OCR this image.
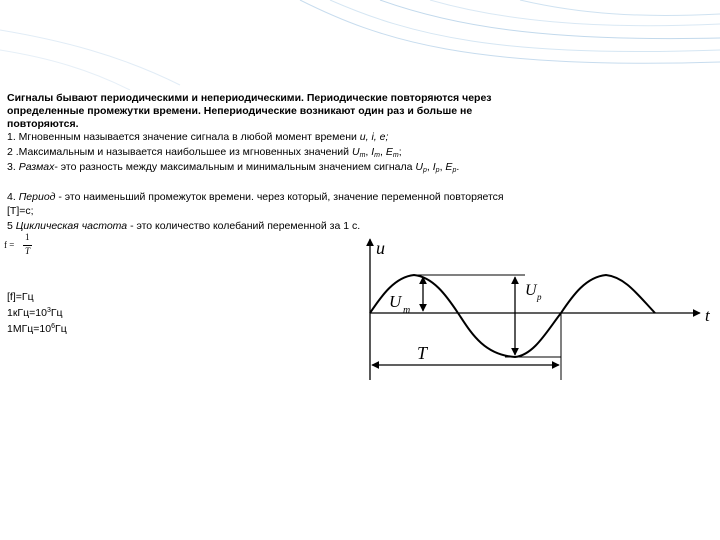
Сигналы бывают периодическими и непериодическими. Периодические повторяются через

определенные промежутки времени. Непериодические возникают один раз и больше не

повторяются.

1. Мгновенным называется значение сигнала в любой момент времени u, i, e;

2 .Максимальным и называется наибольшее из мгновенных значений $U_m$, $I_m$, $E_m$;

3. Размах- это разность между максимальным и минимальным значением сигнала $U_p$, $I_p$, $E_p$.

4. Период - это наименьший промежуток времени. через который, значение переменной повторяется

[T]=c;

5 Циклическая частота - это количество колебаний переменной за 1 с.

f =
1
T
[f]=Гц
$1кГц=10^3Гц$
$1МГц=10^6Гц$
u
t
U m
U p
T
